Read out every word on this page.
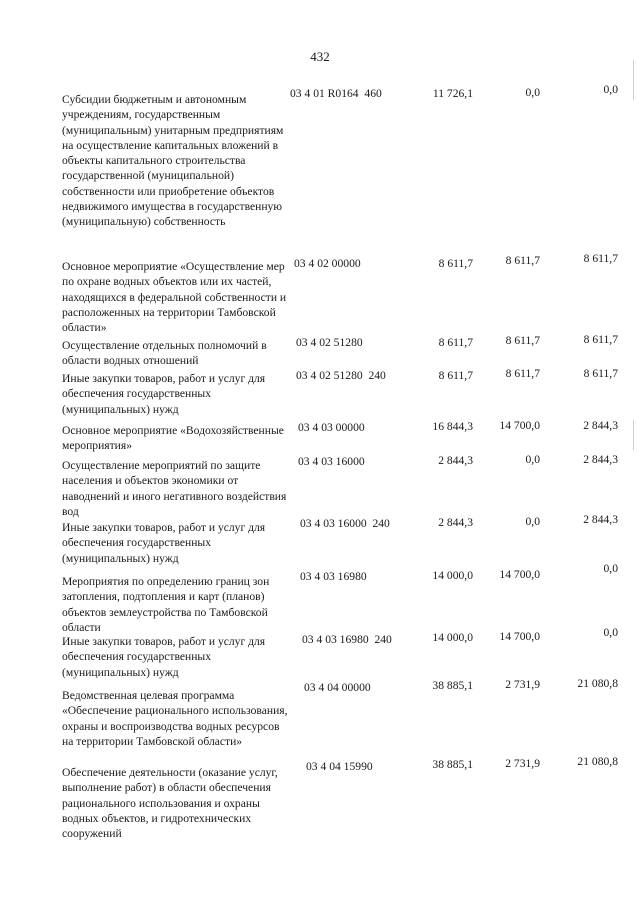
432
Субсидии бюджетным и автономным учреждениям, государственным (муниципальным) унитарным предприятиям на осуществление капитальных вложений в объекты капитального строительства государственной (муниципальной) собственности или приобретение объектов недвижимого имущества в государственную (муниципальную) собственность
03 4 01 R0164  460	11 726,1	0,0	0,0
Основное мероприятие «Осуществление мер по охране водных объектов или их частей, находящихся в федеральной собственности и расположенных на территории Тамбовской области»
03 4 02 00000	8 611,7	8 611,7	8 611,7
Осуществление отдельных полномочий в области водных отношений
03 4 02 51280	8 611,7	8 611,7	8 611,7
Иные закупки товаров, работ и услуг для обеспечения государственных (муниципальных) нужд
03 4 02 51280  240	8 611,7	8 611,7	8 611,7
Основное мероприятие «Водохозяйственные мероприятия»
03 4 03 00000	16 844,3	14 700,0	2 844,3
Осуществление мероприятий по защите населения и объектов экономики от наводнений и иного негативного воздействия вод
03 4 03 16000	2 844,3	0,0	2 844,3
Иные закупки товаров, работ и услуг для обеспечения государственных (муниципальных) нужд
03 4 03 16000  240	2 844,3	0,0	2 844,3
Мероприятия по определению границ зон затопления, подтопления и карт (планов) объектов землеустройства по Тамбовской области
03 4 03 16980	14 000,0	14 700,0	0,0
Иные закупки товаров, работ и услуг для обеспечения государственных (муниципальных) нужд
03 4 03 16980  240	14 000,0	14 700,0	0,0
Ведомственная целевая программа «Обеспечение рационального использования, охраны и воспроизводства водных ресурсов на территории Тамбовской области»
03 4 04 00000	38 885,1	2 731,9	21 080,8
Обеспечение деятельности (оказание услуг, выполнение работ) в области обеспечения рационального использования и охраны водных объектов, и гидротехнических сооружений
03 4 04 15990	38 885,1	2 731,9	21 080,8
